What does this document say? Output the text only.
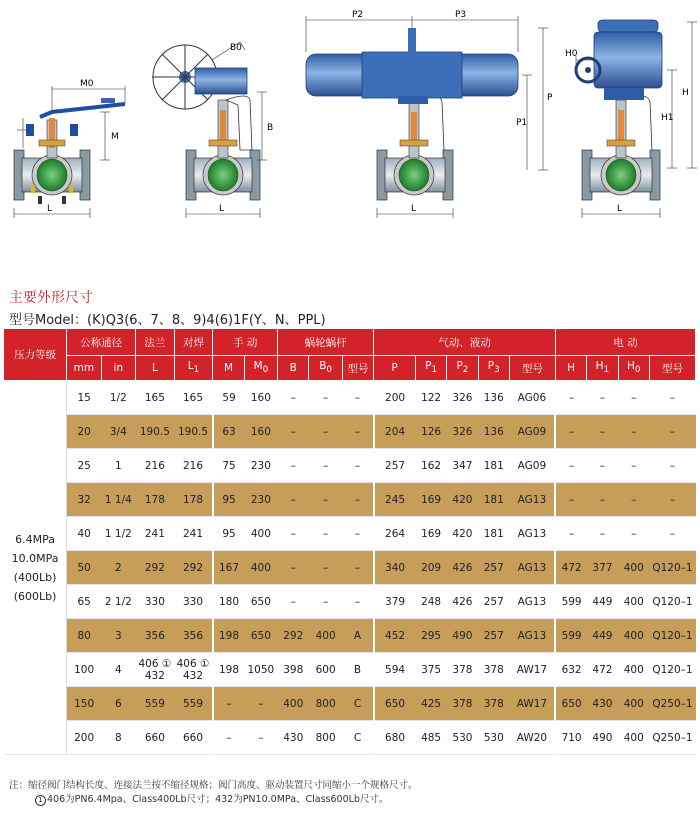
M0
M
L
B0
B
L
P2	P3
P
P1
L
H0
H
H1
L
主要外形尺寸
型号Model：(K)Q3(6、7、8、9)4(6)1F(Y、N、PPL)
压力等级	公称通径		法兰	对焊	手 动		蜗轮蜗杆			气动、液动					电 动			
	mm	in	L	$L_1$	M	$M_0$	B	$B_0$	型号	P	$P_1$	$P_2$	$P_3$	型号	H	$H_1$	$H_0$	型号

6.4MPa
10.0MPa
(400Lb)
(600Lb)	15	1/2	165	165	59	160	–	–	–	200	122	326	136	AG06	–	–	–	–
	20	3/4	190.5	190.5	63	160	–	–	–	204	126	326	136	AG09	–	–	–	–
	25	1	216	216	75	230	–	–	–	257	162	347	181	AG09	–	–	–	–
	32	1 1/4	178	178	95	230	–	–	–	245	169	420	181	AG13	–	–	–	–
	40	1 1/2	241	241	95	400	–	–	–	264	169	420	181	AG13	–	–	–	–
	50	2	292	292	167	400	–	–	–	340	209	426	257	AG13	472	377	400	Q120–1
	65	2 1/2	330	330	180	650	–	–	–	379	248	426	257	AG13	599	449	400	Q120–1
	80	3	356	356	198	650	292	400	A	452	295	490	257	AG13	599	449	400	Q120–1
	100	4	406 ① 432	406 ① 432	198	1050	398	600	B	594	375	378	378	AW17	632	472	400	Q120–1
	150	6	559	559	–	–	400	800	C	650	425	378	378	AW17	650	430	400	Q250–1
	200	8	660	660	–	–	430	800	C	680	485	530	530	AW20	710	490	400	Q250–1
注：缩径阀门结构长度、连接法兰按不缩径规格；阀门高度、驱动装置尺寸同缩小一个规格尺寸。
1 406为PN6.4Mpa、Class400Lb尺寸；432为PN10.0MPa、Class600Lb尺寸。
